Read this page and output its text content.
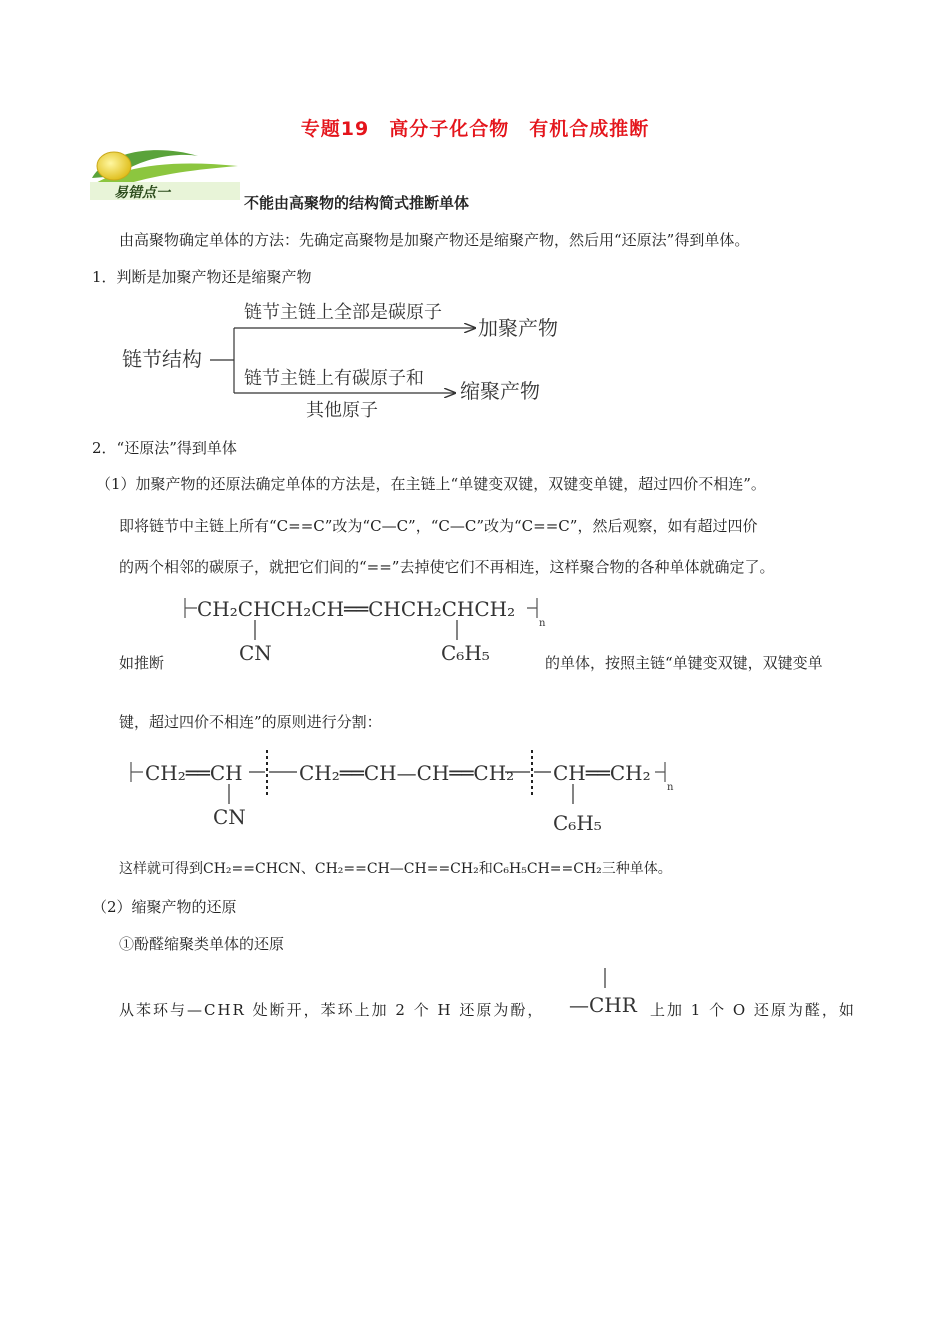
专题19　高分子化合物　有机合成推断
易错点一
不能由高聚物的结构简式推断单体
由高聚物确定单体的方法：先确定高聚物是加聚产物还是缩聚产物，然后用“还原法”得到单体。
1．判断是加聚产物还是缩聚产物
链节结构
链节主链上全部是碳原子
加聚产物
链节主链上有碳原子和
其他原子
缩聚产物
2．“还原法”得到单体
（1）加聚产物的还原法确定单体的方法是，在主链上“单键变双键，双键变单键，超过四价不相连”。
即将链节中主链上所有“C==C”改为“C—C”，“C—C”改为“C==C”，然后观察，如有超过四价
的两个相邻的碳原子，就把它们间的“==”去掉使它们不再相连，这样聚合物的各种单体就确定了。
CH₂CHCH₂CH══CHCH₂CHCH₂
n
CN	C₆H₅
如推断	的单体，按照主链“单键变双键，双键变单
键，超过四价不相连”的原则进行分割：
CH₂══CH	CH₂══CH—CH══CH₂ CH══CH₂
n
CN	C₆H₅
这样就可得到CH₂==CHCN、CH₂==CH—CH==CH₂和C₆H₅CH==CH₂三种单体。
（2）缩聚产物的还原
①酚醛缩聚类单体的还原
从苯环与—CHR 处断开，苯环上加 2 个 H 还原为酚， —CHR 上加 1 个 O 还原为醛，如
